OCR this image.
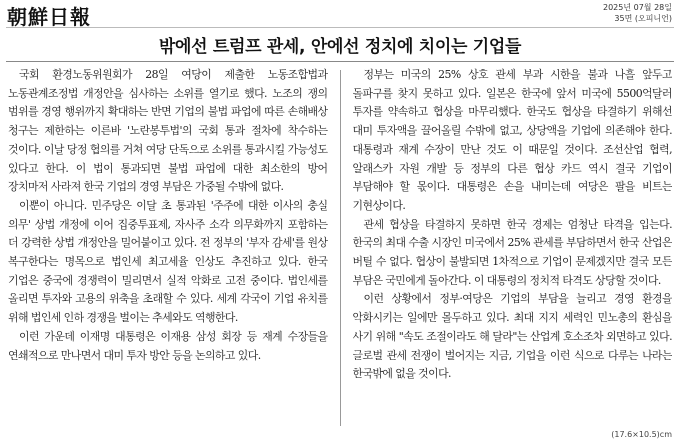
朝鮮日報	2025년 07월 28일
35면 (오피니언)
밖에선 트럼프 관세, 안에선 정치에 치이는 기업들

국회 환경노동위원회가 28일 여당이 제출한 노동조합법과 노동관계조정법 개정안을 심사하는 소위를 열기로 했다. 노조의 쟁의 범위를 경영 행위까지 확대하는 반면 기업의 불법 파업에 따른 손해배상 청구는 제한하는 이른바 '노란봉투법'의 국회 통과 절차에 착수하는 것이다. 이날 당정 협의를 거쳐 여당 단독으로 소위를 통과시킬 가능성도 있다고 한다. 이 법이 통과되면 불법 파업에 대한 최소한의 방어 장치마저 사라져 한국 기업의 경영 부담은 가중될 수밖에 없다.

이뿐이 아니다. 민주당은 이달 초 통과된 '주주에 대한 이사의 충실 의무' 상법 개정에 이어 집중투표제, 자사주 소각 의무화까지 포함하는 더 강력한 상법 개정안을 밀어붙이고 있다. 전 정부의 '부자 감세'를 원상 복구한다는 명목으로 법인세 최고세율 인상도 추진하고 있다. 한국 기업은 중국에 경쟁력이 밀리면서 실적 악화로 고전 중이다. 법인세를 올리면 투자와 고용의 위축을 초래할 수 있다. 세계 각국이 기업 유치를 위해 법인세 인하 경쟁을 벌이는 추세와도 역행한다.

이런 가운데 이재명 대통령은 이재용 삼성 회장 등 재계 수장들을 연쇄적으로 만나면서 대미 투자 방안 등을 논의하고 있다.

정부는 미국의 25% 상호 관세 부과 시한을 불과 나흘 앞두고 돌파구를 찾지 못하고 있다. 일본은 한국에 앞서 미국에 5500억달러 투자를 약속하고 협상을 마무리했다. 한국도 협상을 타결하기 위해선 대미 투자액을 끌어올릴 수밖에 없고, 상당액을 기업에 의존해야 한다. 대통령과 재계 수장이 만난 것도 이 때문일 것이다. 조선산업 협력, 알래스카 자원 개발 등 정부의 다른 협상 카드 역시 결국 기업이 부담해야 할 몫이다. 대통령은 손을 내미는데 여당은 팔을 비트는 기현상이다.

관세 협상을 타결하지 못하면 한국 경제는 엄청난 타격을 입는다. 한국의 최대 수출 시장인 미국에서 25% 관세를 부담하면서 한국 산업은 버틸 수 없다. 협상이 불발되면 1차적으로 기업이 문제겠지만 결국 모든 부담은 국민에게 돌아간다. 이 대통령의 정치적 타격도 상당할 것이다.

이런 상황에서 정부·여당은 기업의 부담을 늘리고 경영 환경을 악화시키는 일에만 몰두하고 있다. 최대 지지 세력인 민노총의 환심을 사기 위해 "속도 조절이라도 해 달라"는 산업계 호소조차 외면하고 있다. 글로벌 관세 전쟁이 벌어지는 지금, 기업을 이런 식으로 다루는 나라는 한국밖에 없을 것이다.

(17.6×10.5)cm
